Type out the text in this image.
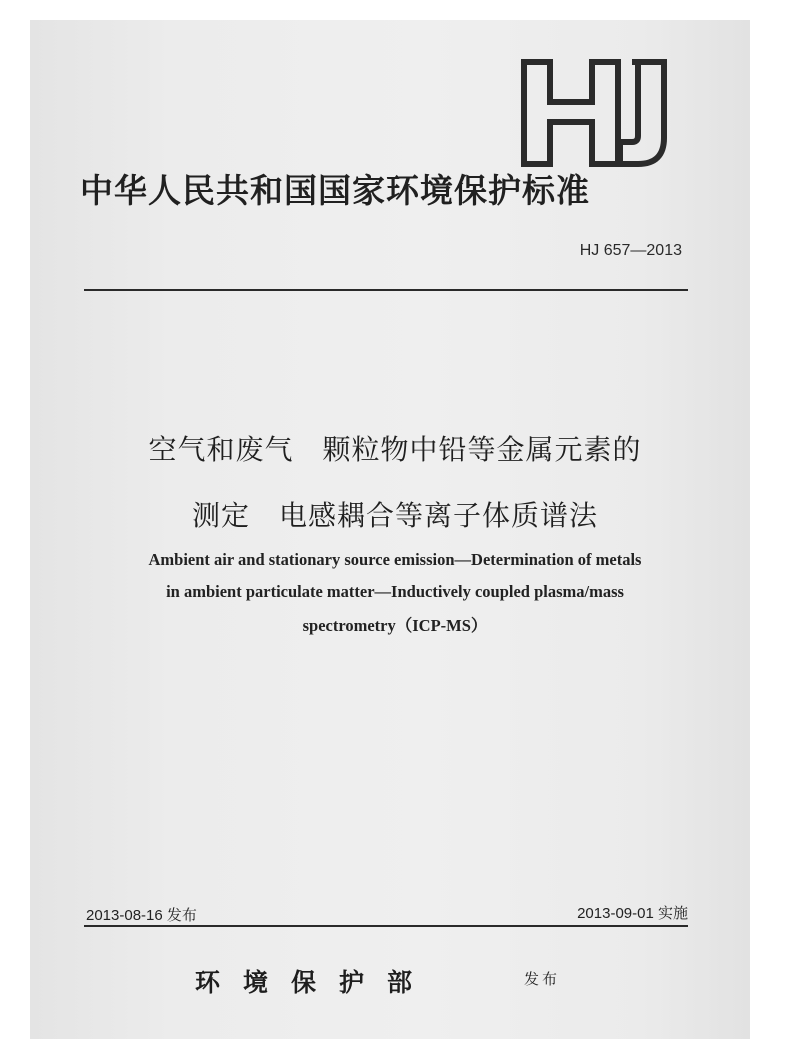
中华人民共和国国家环境保护标准
HJ 657—2013
空气和废气　颗粒物中铅等金属元素的
测定　电感耦合等离子体质谱法
Ambient air and stationary source emission—Determination of metals
in ambient particulate matter—Inductively coupled plasma/mass
spectrometry（ICP-MS）
2013-08-16 发布	2013-09-01 实施
环境保护部	发布
